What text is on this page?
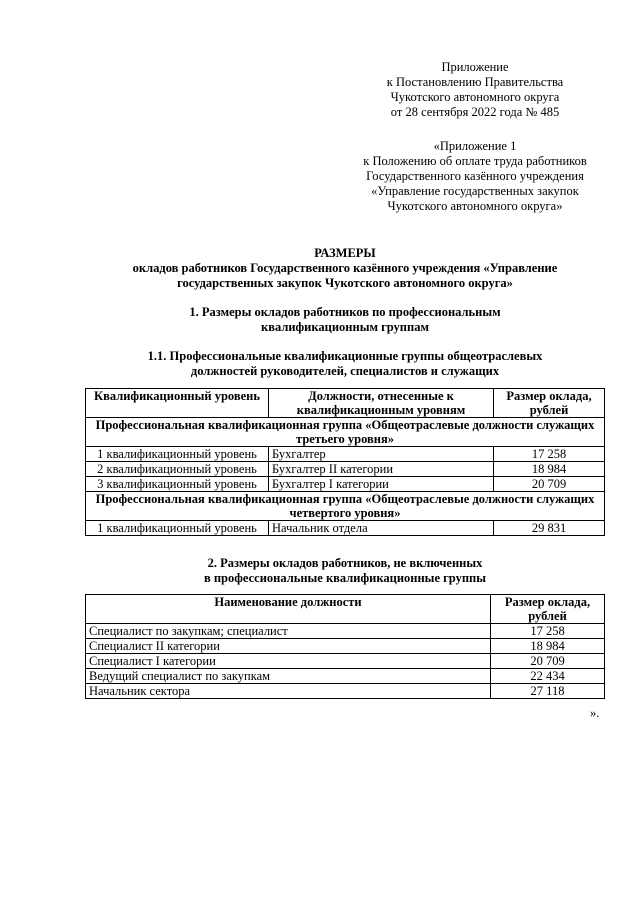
Приложение
к Постановлению Правительства
Чукотского автономного округа
от 28 сентября 2022 года № 485
«Приложение 1
к Положению об оплате труда работников
Государственного казённого учреждения
«Управление государственных закупок
Чукотского автономного округа»
РАЗМЕРЫ
окладов работников Государственного казённого учреждения «Управление
государственных закупок Чукотского автономного округа»
1. Размеры окладов работников по профессиональным
квалификационным группам
1.1. Профессиональные квалификационные группы общеотраслевых
должностей руководителей, специалистов и служащих
Квалификационный уровень	Должности, отнесенные к квалификационным уровням	Размер оклада, рублей
Профессиональная квалификационная группа «Общеотраслевые должности служащих третьего уровня»		
1 квалификационный уровень	Бухгалтер	17 258
2 квалификационный уровень	Бухгалтер II категории	18 984
3 квалификационный уровень	Бухгалтер I категории	20 709
Профессиональная квалификационная группа «Общеотраслевые должности служащих четвертого уровня»		
1 квалификационный уровень	Начальник отдела	29 831
2. Размеры окладов работников, не включенных
в профессиональные квалификационные группы
Наименование должности	Размер оклада, рублей
Специалист по закупкам; специалист	17 258
Специалист II категории	18 984
Специалист I категории	20 709
Ведущий специалист по закупкам	22 434
Начальник сектора	27 118
».
